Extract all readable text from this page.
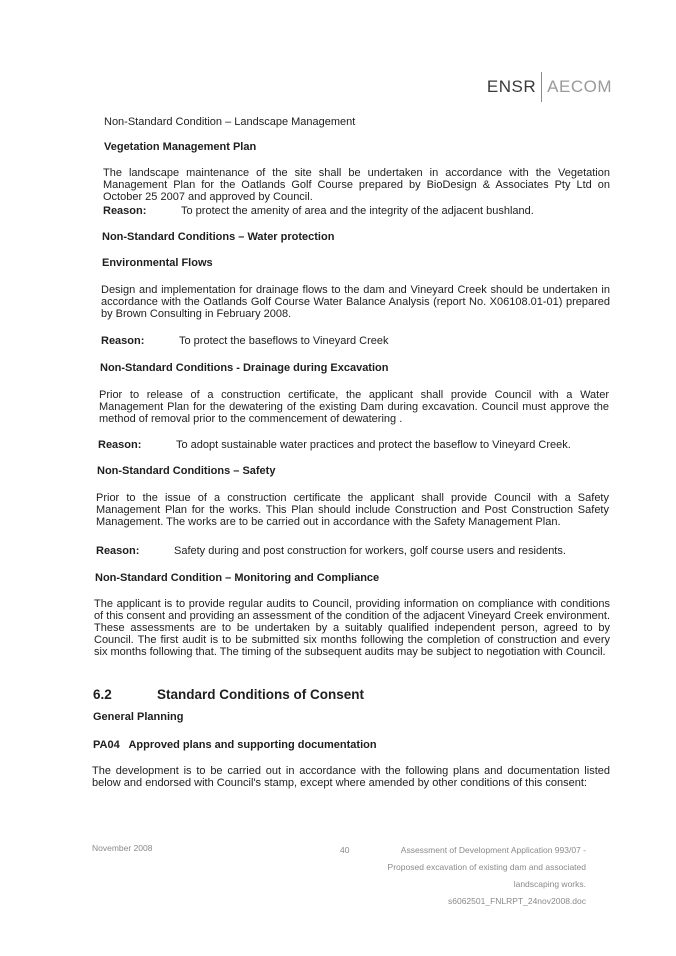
ENSR AECOM
Non-Standard Condition – Landscape Management
Vegetation Management Plan
The landscape maintenance of the site shall be undertaken in accordance with the Vegetation Management Plan for the Oatlands Golf Course prepared by BioDesign & Associates Pty Ltd on October 25 2007 and approved by Council.
Reason:	To protect the amenity of area and the integrity of the adjacent bushland.
Non-Standard Conditions – Water protection
Environmental Flows
Design and implementation for drainage flows to the dam and Vineyard Creek should be undertaken in accordance with the Oatlands Golf Course Water Balance Analysis (report No. X06108.01-01) prepared by Brown Consulting in February 2008.
Reason:	To protect the baseflows to Vineyard Creek
Non-Standard Conditions - Drainage during Excavation
Prior to release of a construction certificate, the applicant shall provide Council with a Water Management Plan for the dewatering of the existing Dam during excavation. Council must approve the method of removal prior to the commencement of dewatering .
Reason:	To adopt sustainable water practices and protect the baseflow to Vineyard Creek.
Non-Standard Conditions – Safety
Prior to the issue of a construction certificate the applicant shall provide Council with a Safety Management Plan for the works. This Plan should include Construction and Post Construction Safety Management. The works are to be carried out in accordance with the Safety Management Plan.
Reason:	Safety during and post construction for workers, golf course users and residents.
Non-Standard Condition – Monitoring and Compliance
The applicant is to provide regular audits to Council, providing information on compliance with conditions of this consent and providing an assessment of the condition of the adjacent Vineyard Creek environment. These assessments are to be undertaken by a suitably qualified independent person, agreed to by Council. The first audit is to be submitted six months following the completion of construction and every six months following that. The timing of the subsequent audits may be subject to negotiation with Council.
6.2	Standard Conditions of Consent
General Planning
PA04   Approved plans and supporting documentation
The development is to be carried out in accordance with the following plans and documentation listed below and endorsed with Council's stamp, except where amended by other conditions of this consent:
November 2008	40	Assessment of Development Application 993/07 -
Proposed excavation of existing dam and associated
landscaping works.
s6062501_FNLRPT_24nov2008.doc
